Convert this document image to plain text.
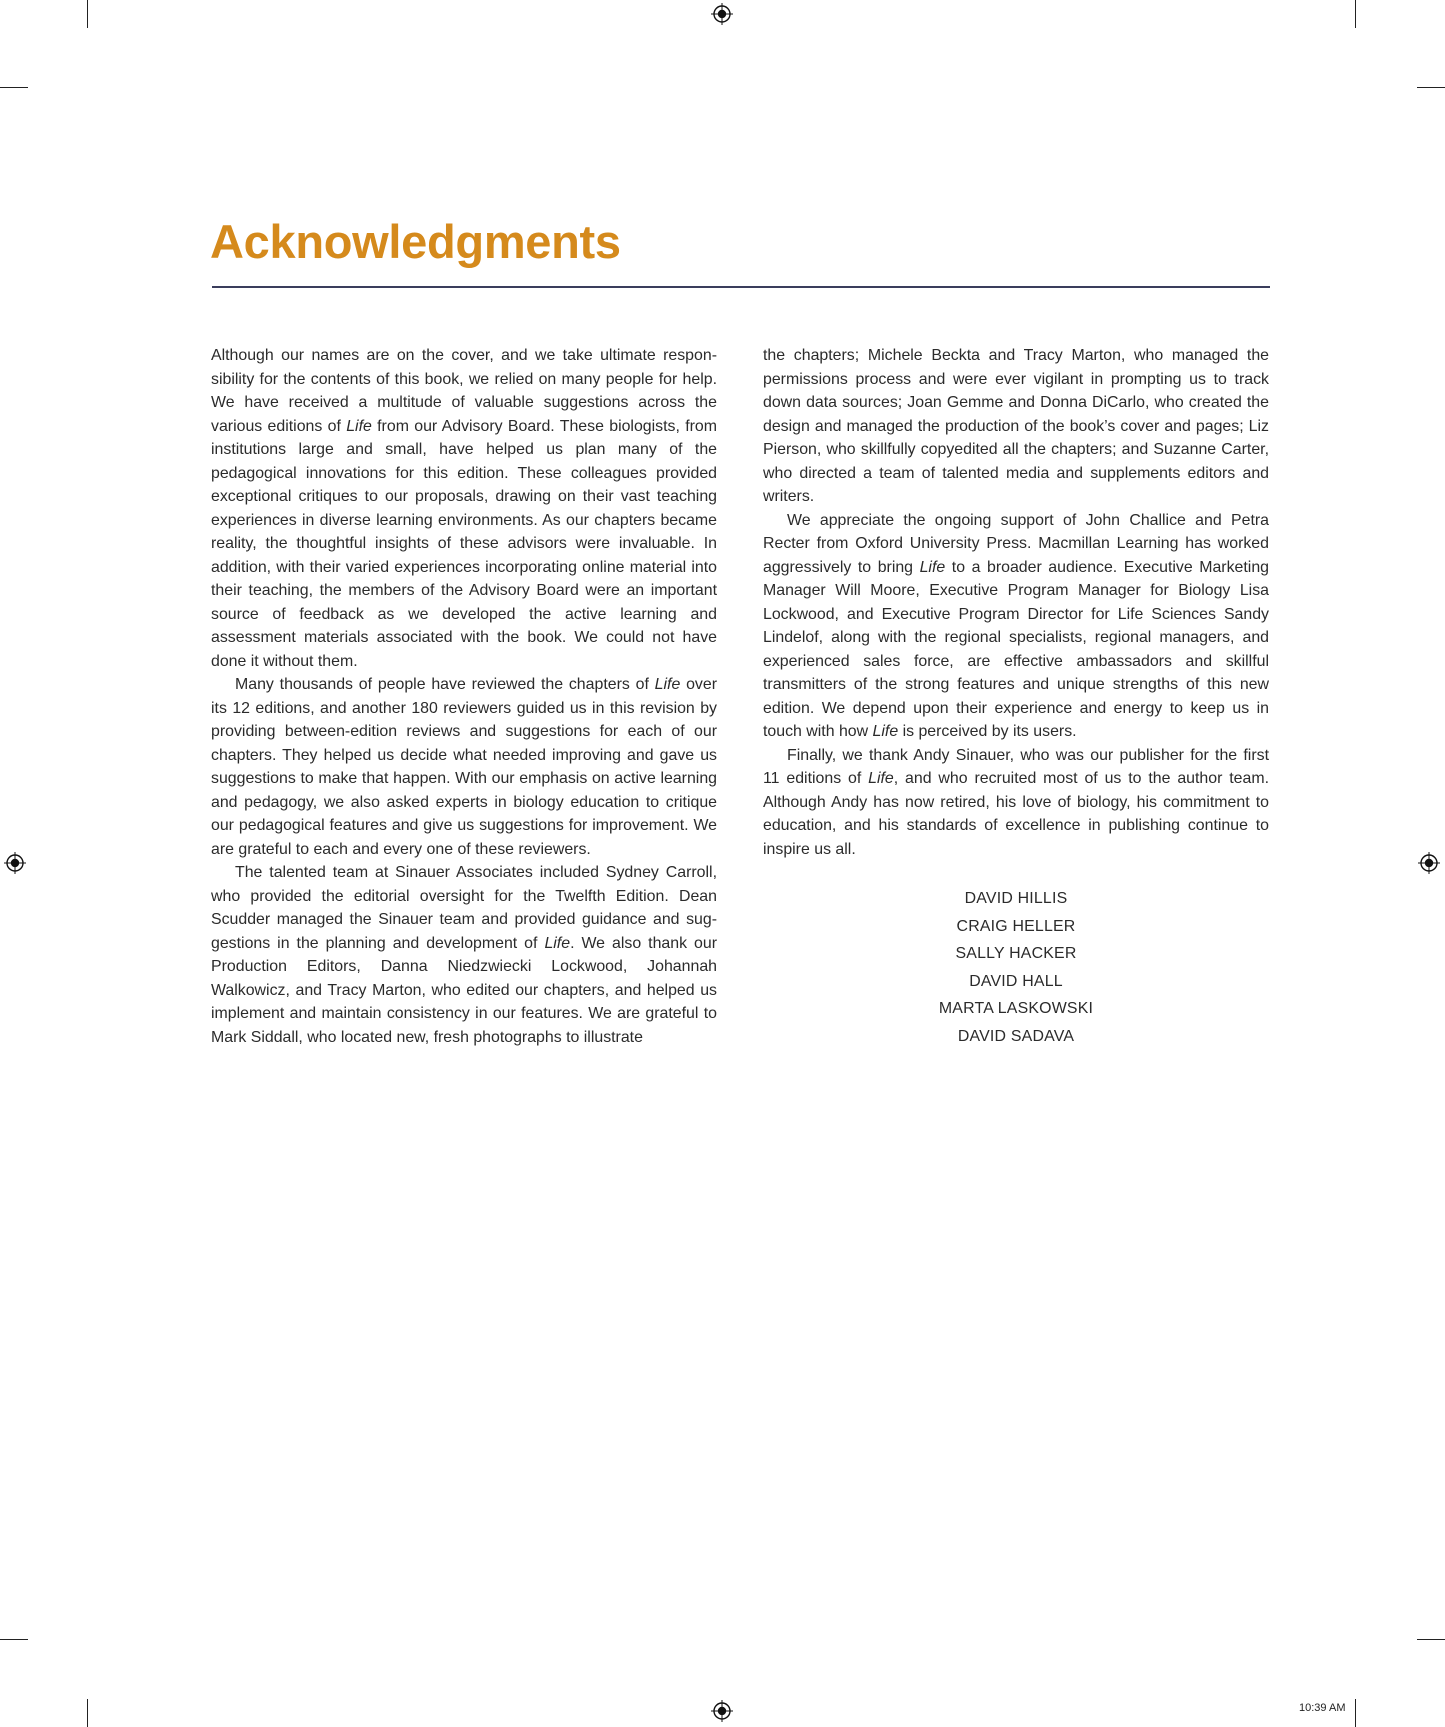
Acknowledgments

Although our names are on the cover, and we take ultimate responsibility for the contents of this book, we relied on many people for help. We have received a multitude of valuable suggestions across the various editions of Life from our Advisory Board. These biologists, from institutions large and small, have helped us plan many of the pedagogical innovations for this edition. These colleagues provided exceptional critiques to our proposals, drawing on their vast teaching experiences in diverse learning environments. As our chapters became reality, the thoughtful insights of these advisors were invaluable. In addition, with their varied experiences incorporating online material into their teaching, the members of the Advisory Board were an important source of feedback as we developed the active learning and assessment materials associated with the book. We could not have done it without them.

Many thousands of people have reviewed the chapters of Life over its 12 editions, and another 180 reviewers guided us in this revision by providing between-edition reviews and suggestions for each of our chapters. They helped us decide what needed improving and gave us suggestions to make that happen. With our emphasis on active learning and pedagogy, we also asked experts in biology education to critique our pedagogical features and give us suggestions for improvement. We are grateful to each and every one of these reviewers.

The talented team at Sinauer Associates included Sydney Carroll, who provided the editorial oversight for the Twelfth Edition. Dean Scudder managed the Sinauer team and provided guidance and suggestions in the planning and development of Life. We also thank our Production Editors, Danna Niedzwiecki Lockwood, Johannah Walkowicz, and Tracy Marton, who edited our chapters, and helped us implement and maintain consistency in our features. We are grateful to Mark Siddall, who located new, fresh photographs to illustrate

the chapters; Michele Beckta and Tracy Marton, who managed the permissions process and were ever vigilant in prompting us to track down data sources; Joan Gemme and Donna DiCarlo, who created the design and managed the production of the book’s cover and pages; Liz Pierson, who skillfully copyedited all the chapters; and Suzanne Carter, who directed a team of talented media and supplements editors and writers.

We appreciate the ongoing support of John Challice and Petra Recter from Oxford University Press. Macmillan Learning has worked aggressively to bring Life to a broader audience. Executive Marketing Manager Will Moore, Executive Program Manager for Biology Lisa Lockwood, and Executive Program Director for Life Sciences Sandy Lindelof, along with the regional specialists, regional managers, and experienced sales force, are effective ambassadors and skillful transmitters of the strong features and unique strengths of this new edition. We depend upon their experience and energy to keep us in touch with how Life is perceived by its users.

Finally, we thank Andy Sinauer, who was our publisher for the first 11 editions of Life, and who recruited most of us to the author team. Although Andy has now retired, his love of biology, his commitment to education, and his standards of excellence in publishing continue to inspire us all.

DAVID HILLIS
CRAIG HELLER
SALLY HACKER
DAVID HALL
MARTA LASKOWSKI
DAVID SADAVA
10:39 AM
